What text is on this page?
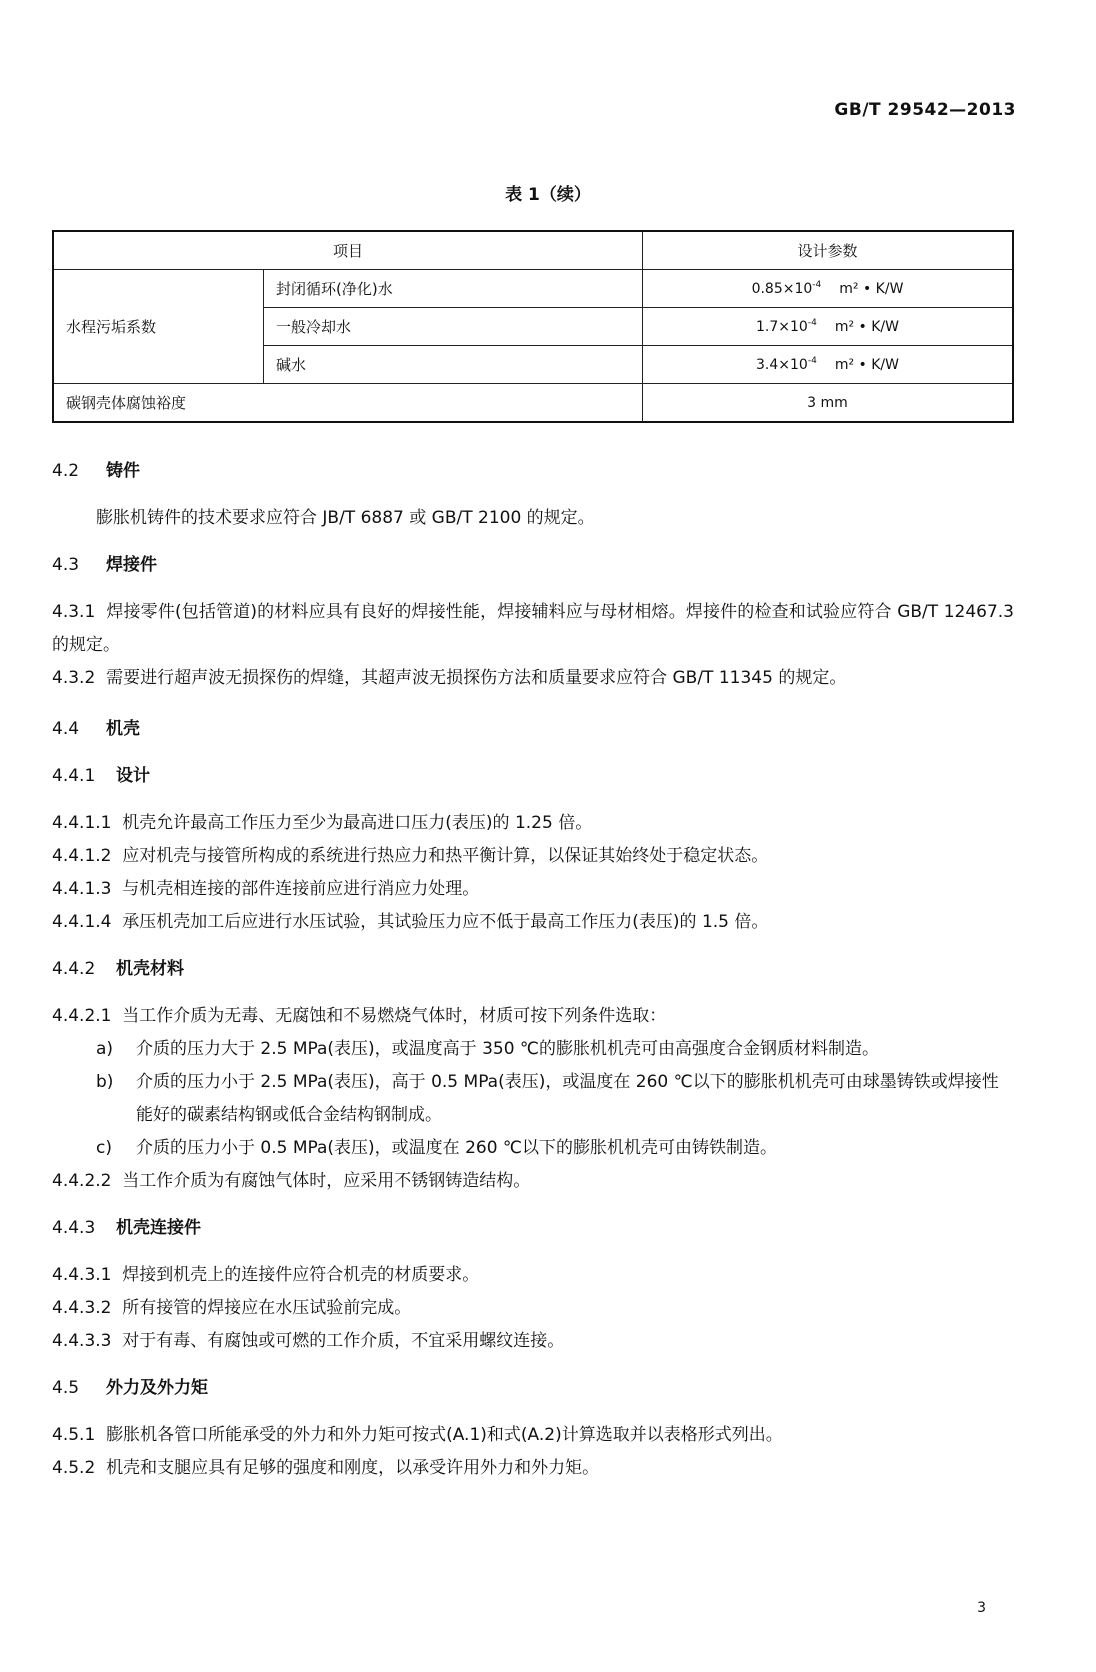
GB/T 29542—2013
表 1（续）
项目		设计参数
水程污垢系数	封闭循环(净化)水	$0.85\times 10^{-4}$ m² • K/W
	一般冷却水	$1.7\times 10^{-4}$ m² • K/W
	碱水	$3.4\times 10^{-4}$ m² • K/W
碳钢壳体腐蚀裕度		3 mm

4.2 铸件

膨胀机铸件的技术要求应符合 JB/T 6887 或 GB/T 2100 的规定。

4.3 焊接件

4.3.1 焊接零件(包括管道)的材料应具有良好的焊接性能，焊接辅料应与母材相熔。焊接件的检查和试验应符合 GB/T 12467.3 的规定。

4.3.2 需要进行超声波无损探伤的焊缝，其超声波无损探伤方法和质量要求应符合 GB/T 11345 的规定。

4.4 机壳

4.4.1 设计

4.4.1.1 机壳允许最高工作压力至少为最高进口压力(表压)的 1.25 倍。

4.4.1.2 应对机壳与接管所构成的系统进行热应力和热平衡计算，以保证其始终处于稳定状态。

4.4.1.3 与机壳相连接的部件连接前应进行消应力处理。

4.4.1.4 承压机壳加工后应进行水压试验，其试验压力应不低于最高工作压力(表压)的 1.5 倍。

4.4.2 机壳材料

4.4.2.1 当工作介质为无毒、无腐蚀和不易燃烧气体时，材质可按下列条件选取：

a)	介质的压力大于 2.5 MPa(表压)，或温度高于 350 ℃的膨胀机机壳可由高强度合金钢质材料制造。
b)	介质的压力小于 2.5 MPa(表压)，高于 0.5 MPa(表压)，或温度在 260 ℃以下的膨胀机机壳可由球墨铸铁或焊接性能好的碳素结构钢或低合金结构钢制成。
c)	介质的压力小于 0.5 MPa(表压)，或温度在 260 ℃以下的膨胀机机壳可由铸铁制造。

4.4.2.2 当工作介质为有腐蚀气体时，应采用不锈钢铸造结构。

4.4.3 机壳连接件

4.4.3.1 焊接到机壳上的连接件应符合机壳的材质要求。

4.4.3.2 所有接管的焊接应在水压试验前完成。

4.4.3.3 对于有毒、有腐蚀或可燃的工作介质，不宜采用螺纹连接。

4.5 外力及外力矩

4.5.1 膨胀机各管口所能承受的外力和外力矩可按式(A.1)和式(A.2)计算选取并以表格形式列出。

4.5.2 机壳和支腿应具有足够的强度和刚度，以承受许用外力和外力矩。

3
